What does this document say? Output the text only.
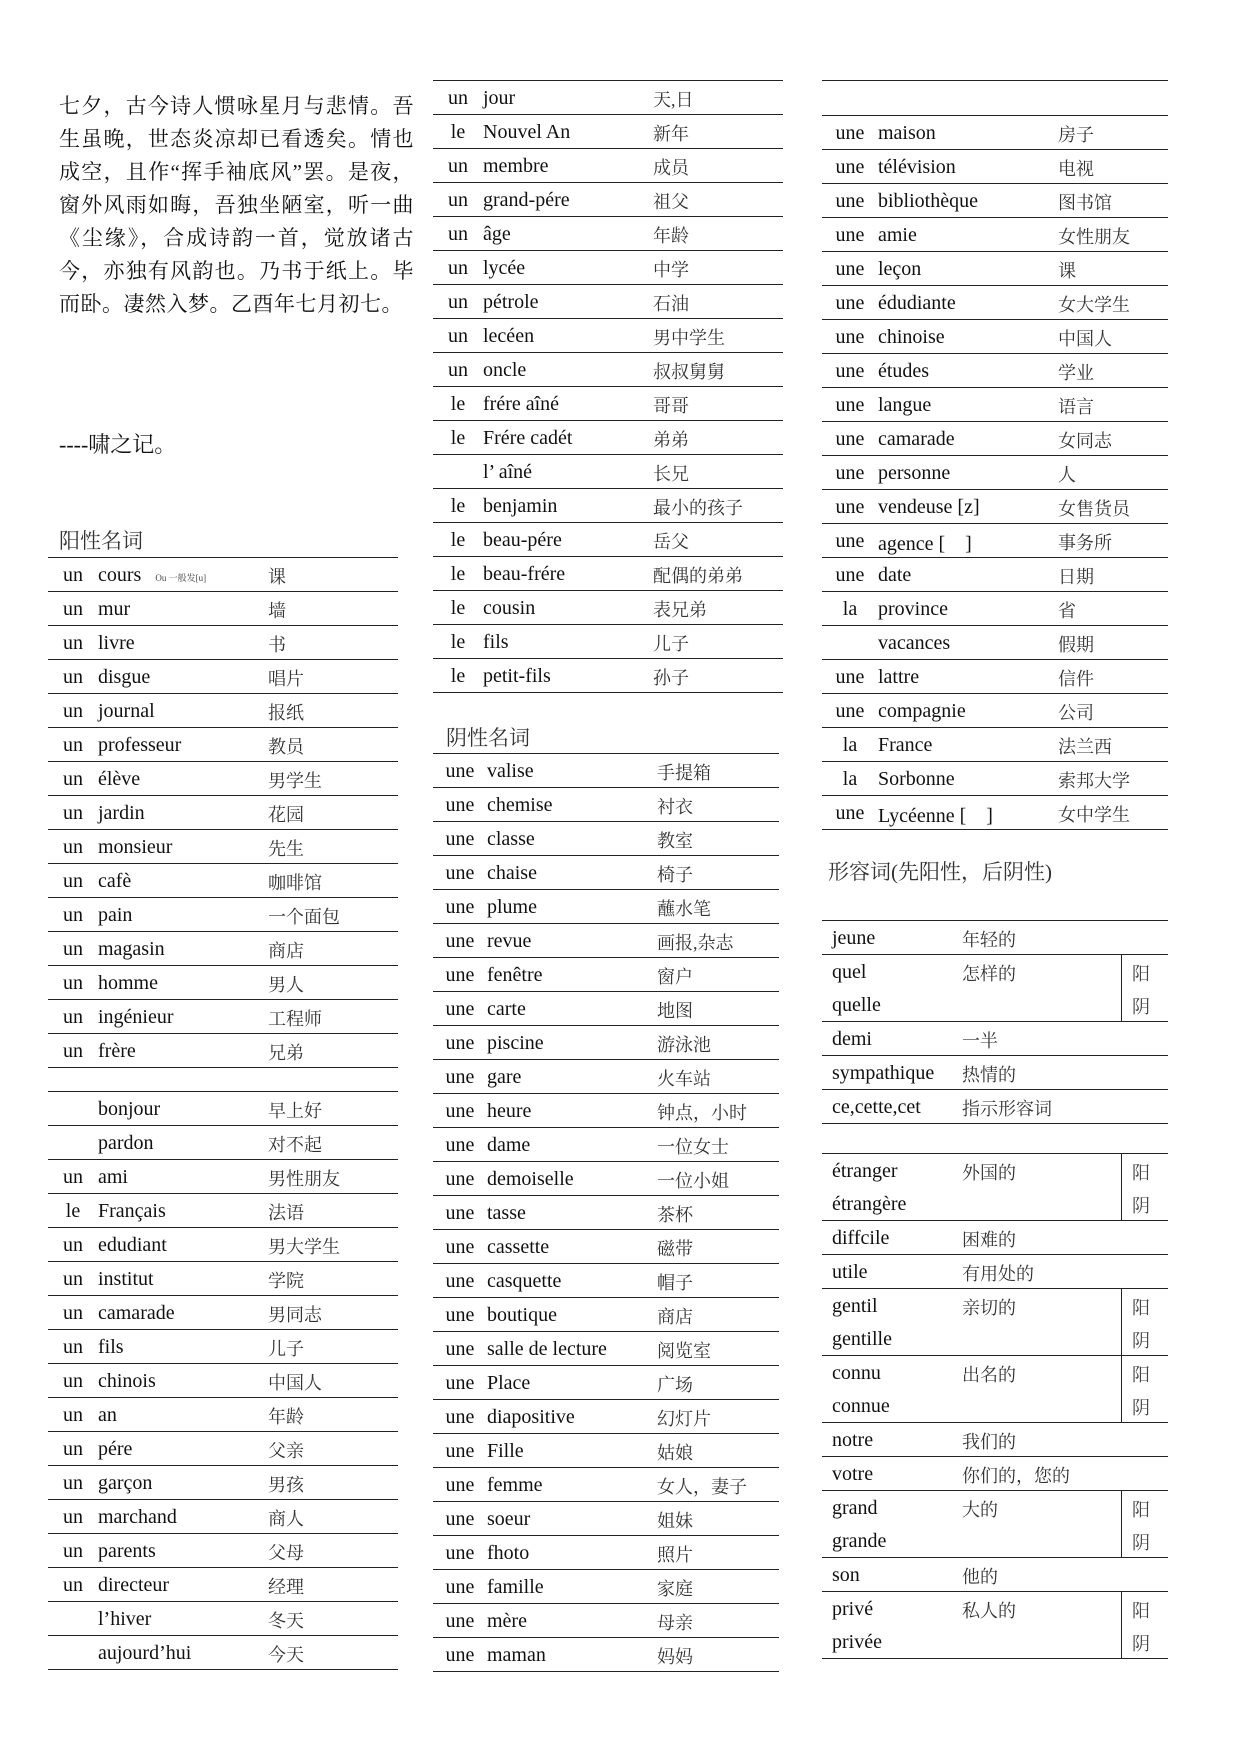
七夕，古今诗人惯咏星月与悲情。吾生虽晚，世态炎凉却已看透矣。情也成空，且作“挥手袖底风”罢。是夜，窗外风雨如晦，吾独坐陋室，听一曲《尘缘》，合成诗韵一首，觉放诸古今，亦独有风韵也。乃书于纸上。毕而卧。凄然入梦。乙酉年七月初七。
----啸之记。
阳性名词
阴性名词
形容词(先阳性，后阴性)
un	cours Ou 一般发[u]	课
un	mur	墙
un	livre	书
un	disgue	唱片
un	journal	报纸
un	professeur	教员
un	élève	男学生
un	jardin	花园
un	monsieur	先生
un	cafè	咖啡馆
un	pain	一个面包
un	magasin	商店
un	homme	男人
un	ingénieur	工程师
un	frère	兄弟
	bonjour	早上好
	pardon	对不起
un	ami	男性朋友
le	Françaіs	法语
un	edudiant	男大学生
un	institut	学院
un	camarade	男同志
un	fils	儿子
un	chinois	中国人
un	an	年龄
un	pére	父亲
un	garçon	男孩
un	marchand	商人
un	parents	父母
un	directeur	经理
	l’hiver	冬天
	aujourd’hui	今天
un	jour	天,日
le	Nouvel An	新年
un	membre	成员
un	grand-pére	祖父
un	âge	年龄
un	lycée	中学
un	pétrole	石油
un	lecéen	男中学生
un	oncle	叔叔舅舅
le	frére aîné	哥哥
le	Frére cadét	弟弟
	l’ aîné	长兄
le	benjamin	最小的孩子
le	beau-pére	岳父
le	beau-frére	配偶的弟弟
le	cousin	表兄弟
le	fils	儿子
le	petit-fils	孙子
une	valise	手提箱
une	chemise	衬衣
une	classe	教室
une	chaise	椅子
une	plume	蘸水笔
une	revue	画报,杂志
une	fenêtre	窗户
une	carte	地图
une	piscine	游泳池
une	gare	火车站
une	heure	钟点，小时
une	dame	一位女士
une	demoiselle	一位小姐
une	tasse	茶杯
une	cassette	磁带
une	casquette	帽子
une	boutique	商店
une	salle de lecture	阅览室
une	Place	广场
une	diapositive	幻灯片
une	Fille	姑娘
une	femme	女人，妻子
une	soeur	姐妹
une	fhoto	照片
une	famille	家庭
une	mère	母亲
une	maman	妈妈
une	maison	房子
une	télévision	电视
une	bibliothèque	图书馆
une	amie	女性朋友
une	leçon	课
une	édudiante	女大学生
une	chinoise	中国人
une	études	学业
une	langue	语言
une	camarade	女同志
une	personne	人
une	vendeuse [z]	女售货员
une	agence [　]	事务所
une	date	日期
la	province	省
	vacances	假期
une	lattre	信件
une	compagnie	公司
la	France	法兰西
la	Sorbonne	索邦大学
une	Lycéenne [　]	女中学生
jeune	年轻的	
quel	怎样的	阳
quelle		阴
demi	一半	
sympathique	热情的	
ce,cette,cet	指示形容词	
étranger	外国的	阳
étrangère		阴
diffcile	困难的	
utile	有用处的	
gentil	亲切的	阳
gentille		阴
connu	出名的	阳
connue		阴
notre	我们的	
votre	你们的，您的	
grand	大的	阳
grande		阴
son	他的	
privé	私人的	阳
privée		阴
